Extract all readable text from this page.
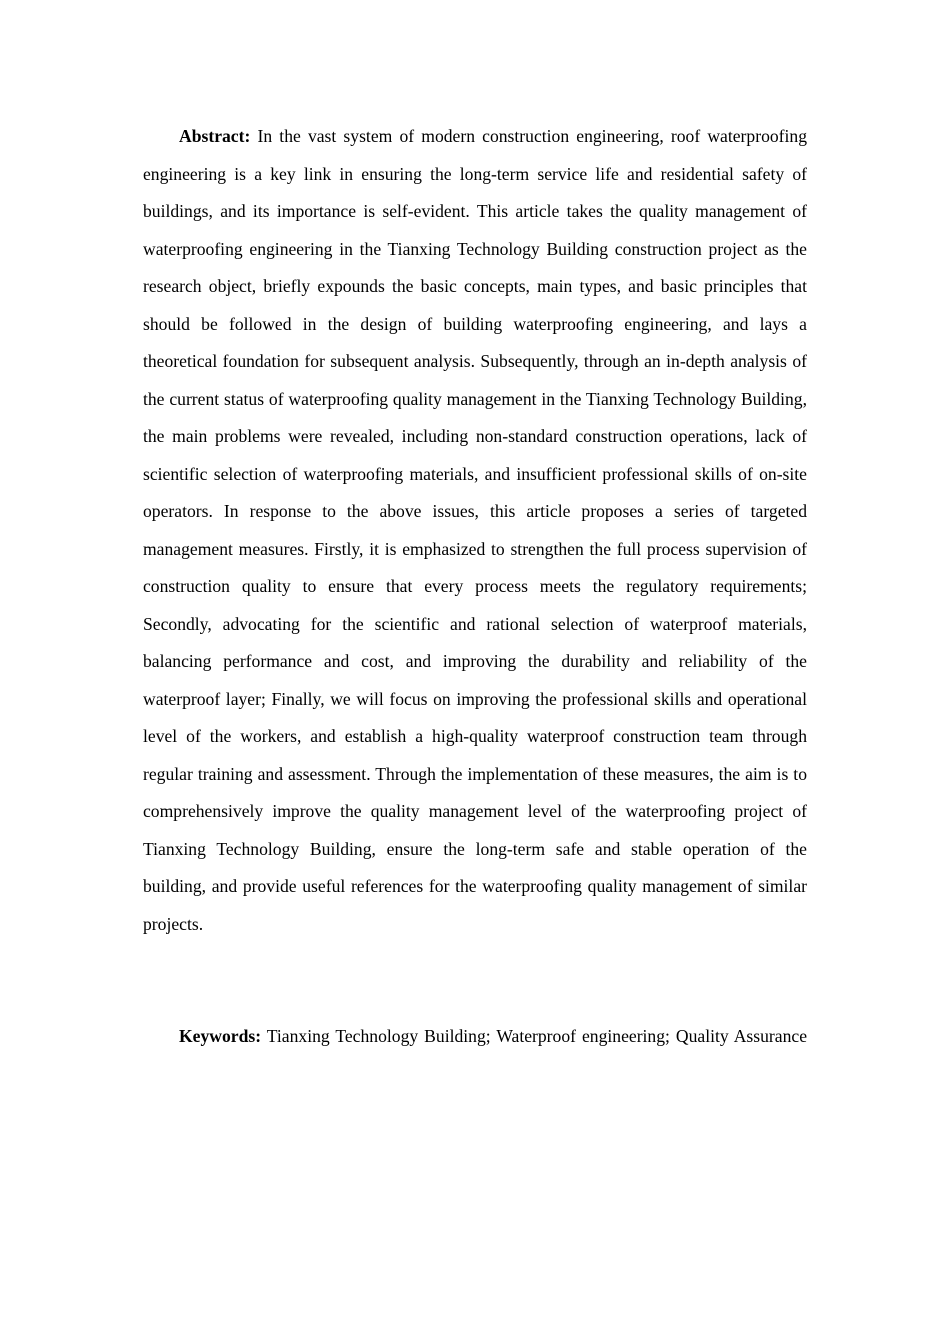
Abstract: In the vast system of modern construction engineering, roof waterproofing engineering is a key link in ensuring the long-term service life and residential safety of buildings, and its importance is self-evident. This article takes the quality management of waterproofing engineering in the Tianxing Technology Building construction project as the research object, briefly expounds the basic concepts, main types, and basic principles that should be followed in the design of building waterproofing engineering, and lays a theoretical foundation for subsequent analysis. Subsequently, through an in-depth analysis of the current status of waterproofing quality management in the Tianxing Technology Building, the main problems were revealed, including non-standard construction operations, lack of scientific selection of waterproofing materials, and insufficient professional skills of on-site operators. In response to the above issues, this article proposes a series of targeted management measures. Firstly, it is emphasized to strengthen the full process supervision of construction quality to ensure that every process meets the regulatory requirements; Secondly, advocating for the scientific and rational selection of waterproof materials, balancing performance and cost, and improving the durability and reliability of the waterproof layer; Finally, we will focus on improving the professional skills and operational level of the workers, and establish a high-quality waterproof construction team through regular training and assessment. Through the implementation of these measures, the aim is to comprehensively improve the quality management level of the waterproofing project of Tianxing Technology Building, ensure the long-term safe and stable operation of the building, and provide useful references for the waterproofing quality management of similar projects.

Keywords: Tianxing Technology Building; Waterproof engineering; Quality Assurance
